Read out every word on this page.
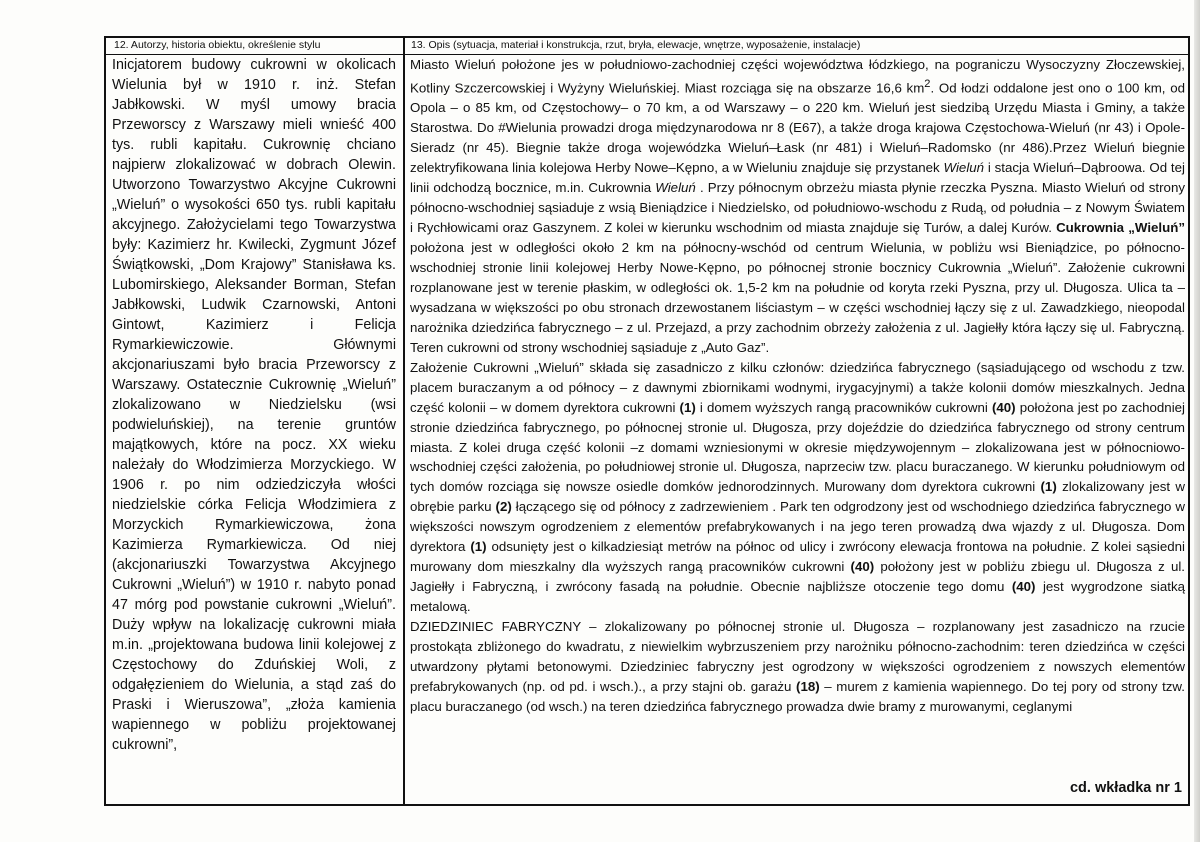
12. Autorzy, historia obiektu, określenie stylu	13. Opis (sytuacja, materiał i konstrukcja, rzut, bryła, elewacje, wnętrze, wyposażenie, instalacje)

Inicjatorem budowy cukrowni w okolicach Wielunia był w 1910 r. inż. Stefan Jabłkowski. W myśl umowy bracia Przeworscy z Warszawy mieli wnieść 400 tys. rubli kapitału. Cukrownię chciano najpierw zlokalizować w dobrach Olewin. Utworzono Towarzystwo Akcyjne Cukrowni „Wieluń” o wysokości 650 tys. rubli kapitału akcyjnego. Założycielami tego Towarzystwa były: Kazimierz hr. Kwilecki, Zygmunt Józef Świątkowski, „Dom Krajowy” Stanisława ks. Lubomirskiego, Aleksander Borman, Stefan Jabłkowski, Ludwik Czarnowski, Antoni Gintowt, Kazimierz i Felicja Rymarkiewiczowie. Głównymi akcjonariuszami było bracia Przeworscy z Warszawy. Ostatecznie Cukrownię „Wieluń” zlokalizowano w Niedzielsku (wsi podwieluńskiej), na terenie gruntów majątkowych, które na pocz. XX wieku należały do Włodzimierza Morzyckiego. W 1906 r. po nim odziedziczyła włości niedzielskie córka Felicja Włodzimiera z Morzyckich Rymarkiewiczowa, żona Kazimierza Rymarkiewicza. Od niej (akcjonariuszki Towarzystwa Akcyjnego Cukrowni „Wieluń”) w 1910 r. nabyto ponad 47 mórg pod powstanie cukrowni „Wieluń”. Duży wpływ na lokalizację cukrowni miała m.in. „projektowana budowa linii kolejowej z Częstochowy do Zduńskiej Woli, z odgałęzieniem do Wielunia, a stąd zaś do Praski i Wieruszowa”, „złoża kamienia wapiennego w pobliżu projektowanej cukrowni”,

cd. wkładka nr 1

Miasto Wieluń położone jes w południowo-zachodniej części województwa łódzkiego, na pograniczu Wysoczyzny Złoczewskiej, Kotliny Szczercowskiej i Wyżyny Wieluńskiej. Miast rozciąga się na obszarze 16,6 $km^2$. Od łodzi oddalone jest ono o 100 km, od Opola – o 85 km, od Częstochowy– o 70 km, a od Warszawy – o 220 km. Wieluń jest siedzibą Urzędu Miasta i Gminy, a także Starostwa. Do #Wielunia prowadzi droga międzynarodowa nr 8 (E67), a także droga krajowa Częstochowa-Wieluń (nr 43) i Opole-Sieradz (nr 45). Biegnie także droga wojewódzka Wieluń–Łask (nr 481) i Wieluń–Radomsko (nr 486).Przez Wieluń biegnie zelektryfikowana linia kolejowa Herby Nowe–Kępno, a w Wieluniu znajduje się przystanek Wieluń i stacja Wieluń–Dąbroowa. Od tej linii odchodzą bocznice, m.in. Cukrownia Wieluń . Przy północnym obrzeżu miasta płynie rzeczka Pyszna. Miasto Wieluń od strony północno-wschodniej sąsiaduje z wsią Bieniądzice i Niedzielsko, od południowo-wschodu z Rudą, od południa – z Nowym Światem i Rychłowicami oraz Gaszynem. Z kolei w kierunku wschodnim od miasta znajduje się Turów, a dalej Kurów. Cukrownia „Wieluń” położona jest w odległości około 2 km na północny-wschód od centrum Wielunia, w pobliżu wsi Bieniądzice, po północno-wschodniej stronie linii kolejowej Herby Nowe-Kępno, po północnej stronie bocznicy Cukrownia „Wieluń”. Założenie cukrowni rozplanowane jest w terenie płaskim, w odległości ok. 1,5-2 km na południe od koryta rzeki Pyszna, przy ul. Długosza. Ulica ta – wysadzana w większości po obu stronach drzewostanem liściastym – w części wschodniej łączy się z ul. Zawadzkiego, nieopodal narożnika dziedzińca fabrycznego – z ul. Przejazd, a przy zachodnim obrzeży założenia z ul. Jagiełły która łączy się ul. Fabryczną. Teren cukrowni od strony wschodniej sąsiaduje z „Auto Gaz”.

Założenie Cukrowni „Wieluń” składa się zasadniczo z kilku członów: dziedzińca fabrycznego (sąsiadującego od wschodu z tzw. placem buraczanym a od północy – z dawnymi zbiornikami wodnymi, irygacyjnymi) a także kolonii domów mieszkalnych. Jedna część kolonii – w domem dyrektora cukrowni (1) i domem wyższych rangą pracowników cukrowni (40) położona jest po zachodniej stronie dziedzińca fabrycznego, po północnej stronie ul. Długosza, przy dojeździe do dziedzińca fabrycznego od strony centrum miasta. Z kolei druga część kolonii –z domami wzniesionymi w okresie międzywojennym – zlokalizowana jest w północniowo-wschodniej części założenia, po południowej stronie ul. Długosza, naprzeciw tzw. placu buraczanego. W kierunku południowym od tych domów rozciąga się nowsze osiedle domków jednorodzinnych. Murowany dom dyrektora cukrowni (1) zlokalizowany jest w obrębie parku (2) łączącego się od północy z zadrzewieniem . Park ten odgrodzony jest od wschodniego dziedzińca fabrycznego w większości nowszym ogrodzeniem z elementów prefabrykowanych i na jego teren prowadzą dwa wjazdy z ul. Długosza. Dom dyrektora (1) odsunięty jest o kilkadziesiąt metrów na północ od ulicy i zwrócony elewacja frontowa na południe. Z kolei sąsiedni murowany dom mieszkalny dla wyższych rangą pracowników cukrowni (40) położony jest w pobliżu zbiegu ul. Długosza z ul. Jagiełły i Fabryczną, i zwrócony fasadą na południe. Obecnie najbliższe otoczenie tego domu (40) jest wygrodzone siatką metalową.

DZIEDZINIEC FABRYCZNY – zlokalizowany po północnej stronie ul. Długosza – rozplanowany jest zasadniczo na rzucie prostokąta zbliżonego do kwadratu, z niewielkim wybrzuszeniem przy narożniku północno-zachodnim: teren dziedzińca w części utwardzony płytami betonowymi. Dziedziniec fabryczny jest ogrodzony w większości ogrodzeniem z nowszych elementów prefabrykowanych (np. od pd. i wsch.)., a przy stajni ob. garażu (18) – murem z kamienia wapiennego. Do tej pory od strony tzw. placu buraczanego (od wsch.) na teren dziedzińca fabrycznego prowadza dwie bramy z murowanymi, ceglanymi
